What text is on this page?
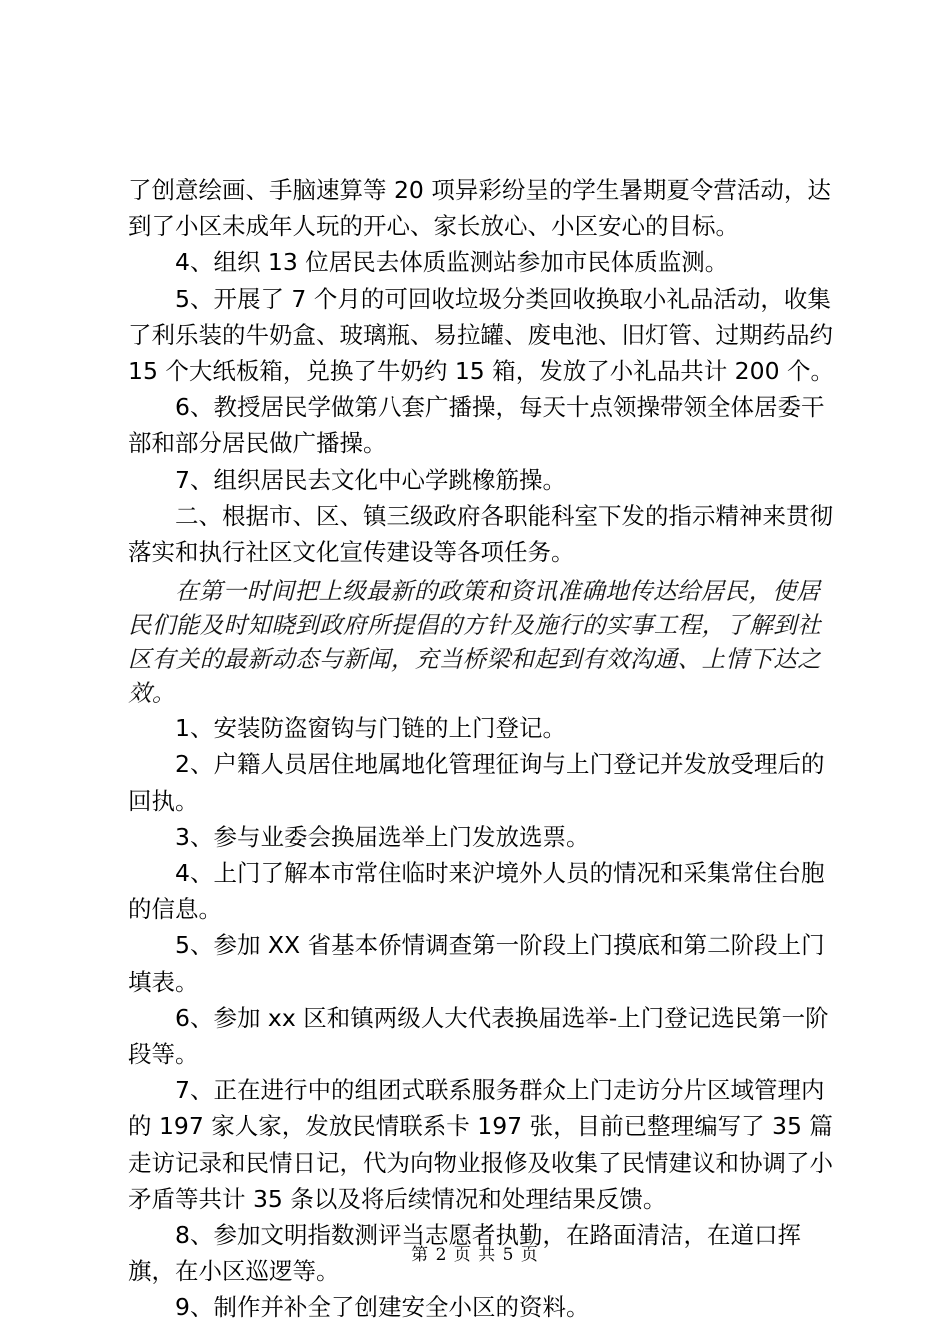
了创意绘画、手脑速算等 20 项异彩纷呈的学生暑期夏令营活动，达到了小区未成年人玩的开心、家长放心、小区安心的目标。

4、组织 13 位居民去体质监测站参加市民体质监测。

5、开展了 7 个月的可回收垃圾分类回收换取小礼品活动，收集了利乐装的牛奶盒、玻璃瓶、易拉罐、废电池、旧灯管、过期药品约 15 个大纸板箱，兑换了牛奶约 15 箱，发放了小礼品共计 200 个。

6、教授居民学做第八套广播操，每天十点领操带领全体居委干部和部分居民做广播操。

7、组织居民去文化中心学跳橡筋操。

二、根据市、区、镇三级政府各职能科室下发的指示精神来贯彻落实和执行社区文化宣传建设等各项任务。

在第一时间把上级最新的政策和资讯准确地传达给居民，使居民们能及时知晓到政府所提倡的方针及施行的实事工程，了解到社区有关的最新动态与新闻，充当桥梁和起到有效沟通、上情下达之效。

1、安装防盗窗钩与门链的上门登记。

2、户籍人员居住地属地化管理征询与上门登记并发放受理后的回执。

3、参与业委会换届选举上门发放选票。

4、上门了解本市常住临时来沪境外人员的情况和采集常住台胞的信息。

5、参加 XX 省基本侨情调查第一阶段上门摸底和第二阶段上门填表。

6、参加 xx 区和镇两级人大代表换届选举-上门登记选民第一阶段等。

7、正在进行中的组团式联系服务群众上门走访分片区域管理内的 197 家人家，发放民情联系卡 197 张，目前已整理编写了 35 篇走访记录和民情日记，代为向物业报修及收集了民情建议和协调了小矛盾等共计 35 条以及将后续情况和处理结果反馈。

8、参加文明指数测评当志愿者执勤，在路面清洁，在道口挥旗，在小区巡逻等。

9、制作并补全了创建安全小区的资料。

第 2 页 共 5 页
